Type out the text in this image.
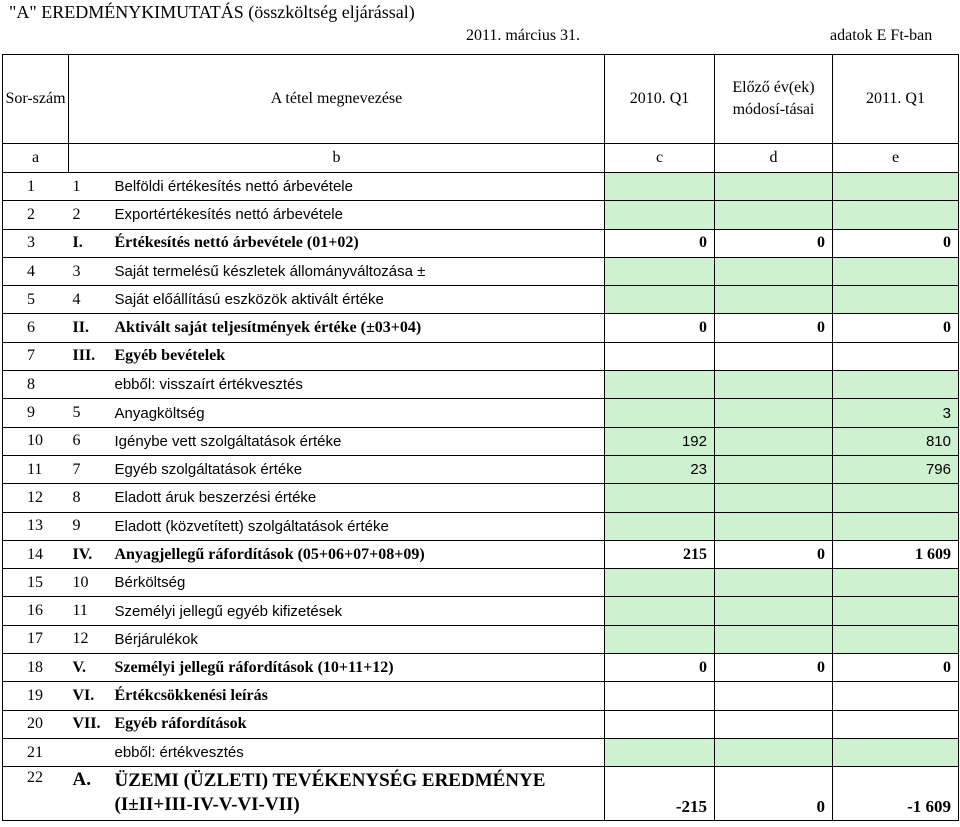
"A" EREDMÉNYKIMUTATÁS (összköltség eljárással)
2011. március 31.	adatok E Ft-ban
Sor-szám	A tétel megnevezése		2010. Q1	Előző év(ek) módosí-tásai	2011. Q1
a	b		c	d	e
1	1	Belföldi értékesítés nettó árbevétele			
2	2	Exportértékesítés nettó árbevétele			
3	I.	Értékesítés nettó árbevétele (01+02)	0	0	0
4	3	Saját termelésű készletek állományváltozása ±			
5	4	Saját előállítású eszközök aktivált értéke			
6	II.	Aktivált saját teljesítmények értéke (±03+04)	0	0	0
7	III.	Egyéb bevételek			
8		ebből: visszaírt értékvesztés			
9	5	Anyagköltség			3
10	6	Igénybe vett szolgáltatások értéke	192		810
11	7	Egyéb szolgáltatások értéke	23		796
12	8	Eladott áruk beszerzési értéke			
13	9	Eladott (közvetített) szolgáltatások értéke			
14	IV.	Anyagjellegű ráfordítások (05+06+07+08+09)	215	0	1 609
15	10	Bérköltség			
16	11	Személyi jellegű egyéb kifizetések			
17	12	Bérjárulékok			
18	V.	Személyi jellegű ráfordítások (10+11+12)	0	0	0
19	VI.	Értékcsökkenési leírás			
20	VII.	Egyéb ráfordítások			
21		ebből: értékvesztés			
22	A.	ÜZEMI (ÜZLETI) TEVÉKENYSÉG EREDMÉNYE (I±II+III-IV-V-VI-VII)	-215	0	-1 609
